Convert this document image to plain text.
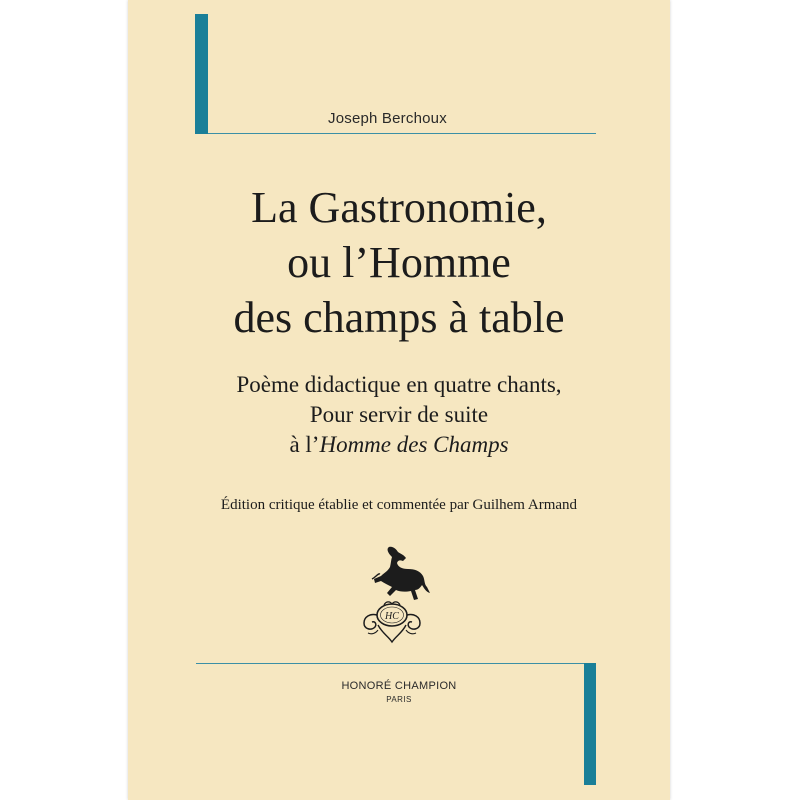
Joseph Berchoux
La Gastronomie,
ou l’Homme
des champs à table
Poème didactique en quatre chants,
Pour servir de suite
à l’Homme des Champs
Édition critique établie et commentée par Guilhem Armand
HC
HONORÉ CHAMPION
PARIS
